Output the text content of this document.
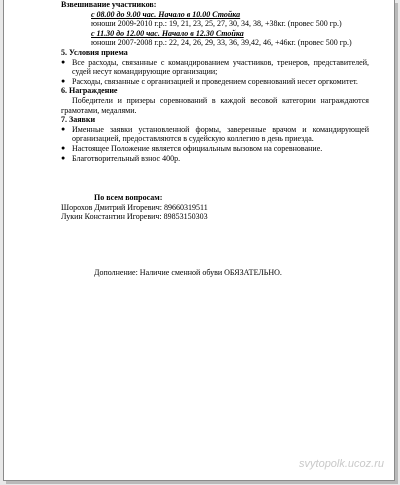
Взвешивание участников:
с 08.00 до 9.00 час. Начало в 10.00 Стойка
юноши 2009-2010 г.р.: 19, 21, 23, 25, 27, 30, 34, 38, +38кг. (провес 500 гр.)
с 11.30 до 12.00 час. Начало в 12.30 Стойка
юноши 2007-2008 г.р.: 22, 24, 26, 29, 33, 36, 39,42, 46, +46кг. (провес 500 гр.)
5. Условия приема
● Все расходы, связанные с командированием участников, тренеров, представителей, судей несут командирующие организации;
● Расходы, связанные с организацией и проведением соревнований несет оргкомитет.
6. Награждение
Победители и призеры соревнований в каждой весовой категории награждаются грамотами, медалями.
7. Заявки
● Именные заявки установленной формы, заверенные врачом и командирующей организацией, предоставляются в судейскую коллегию в день приезда.
● Настоящее Положение является официальным вызовом на соревнование.
● Благотворительный взнос 400р.
По всем вопросам:
Шорохов Дмитрий Игоревич: 89660319511
Лукин Константин Игоревич: 89853150303
Дополнение: Наличие сменной обуви ОБЯЗАТЕЛЬНО.
svytopolk.ucoz.ru
